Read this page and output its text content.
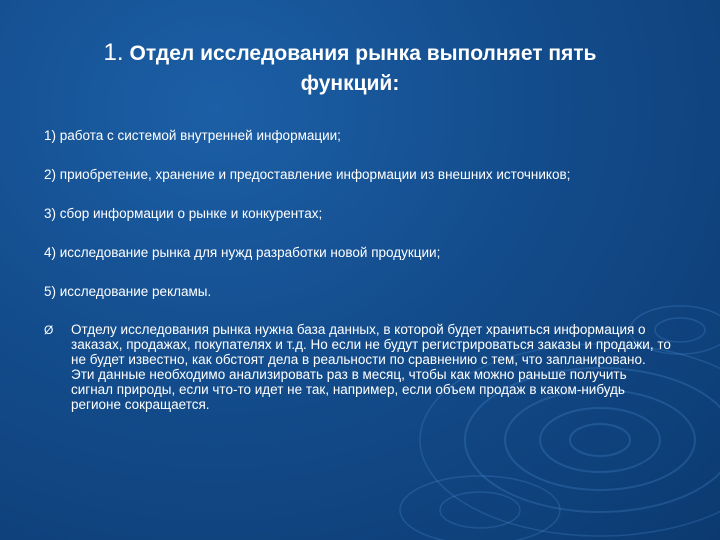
1. Отдел исследования рынка выполняет пять функций:
1) работа с системой внутренней информации;
2) приобретение, хранение и предоставление информации из внешних источников;
3) сбор информации о рынке и конкурентах;
4) исследование рынка для нужд разработки новой продукции;
5) исследование рекламы.
Ø Отделу исследования рынка нужна база данных, в которой будет храниться информация о заказах, продажах, покупателях и т.д. Но если не будут регистрироваться заказы и продажи, то не будет известно, как обстоят дела в реальности по сравнению с тем, что запланировано. Эти данные необходимо анализировать раз в месяц, чтобы как можно раньше получить сигнал природы, если что-то идет не так, например, если объем продаж в каком-нибудь регионе сокращается.
